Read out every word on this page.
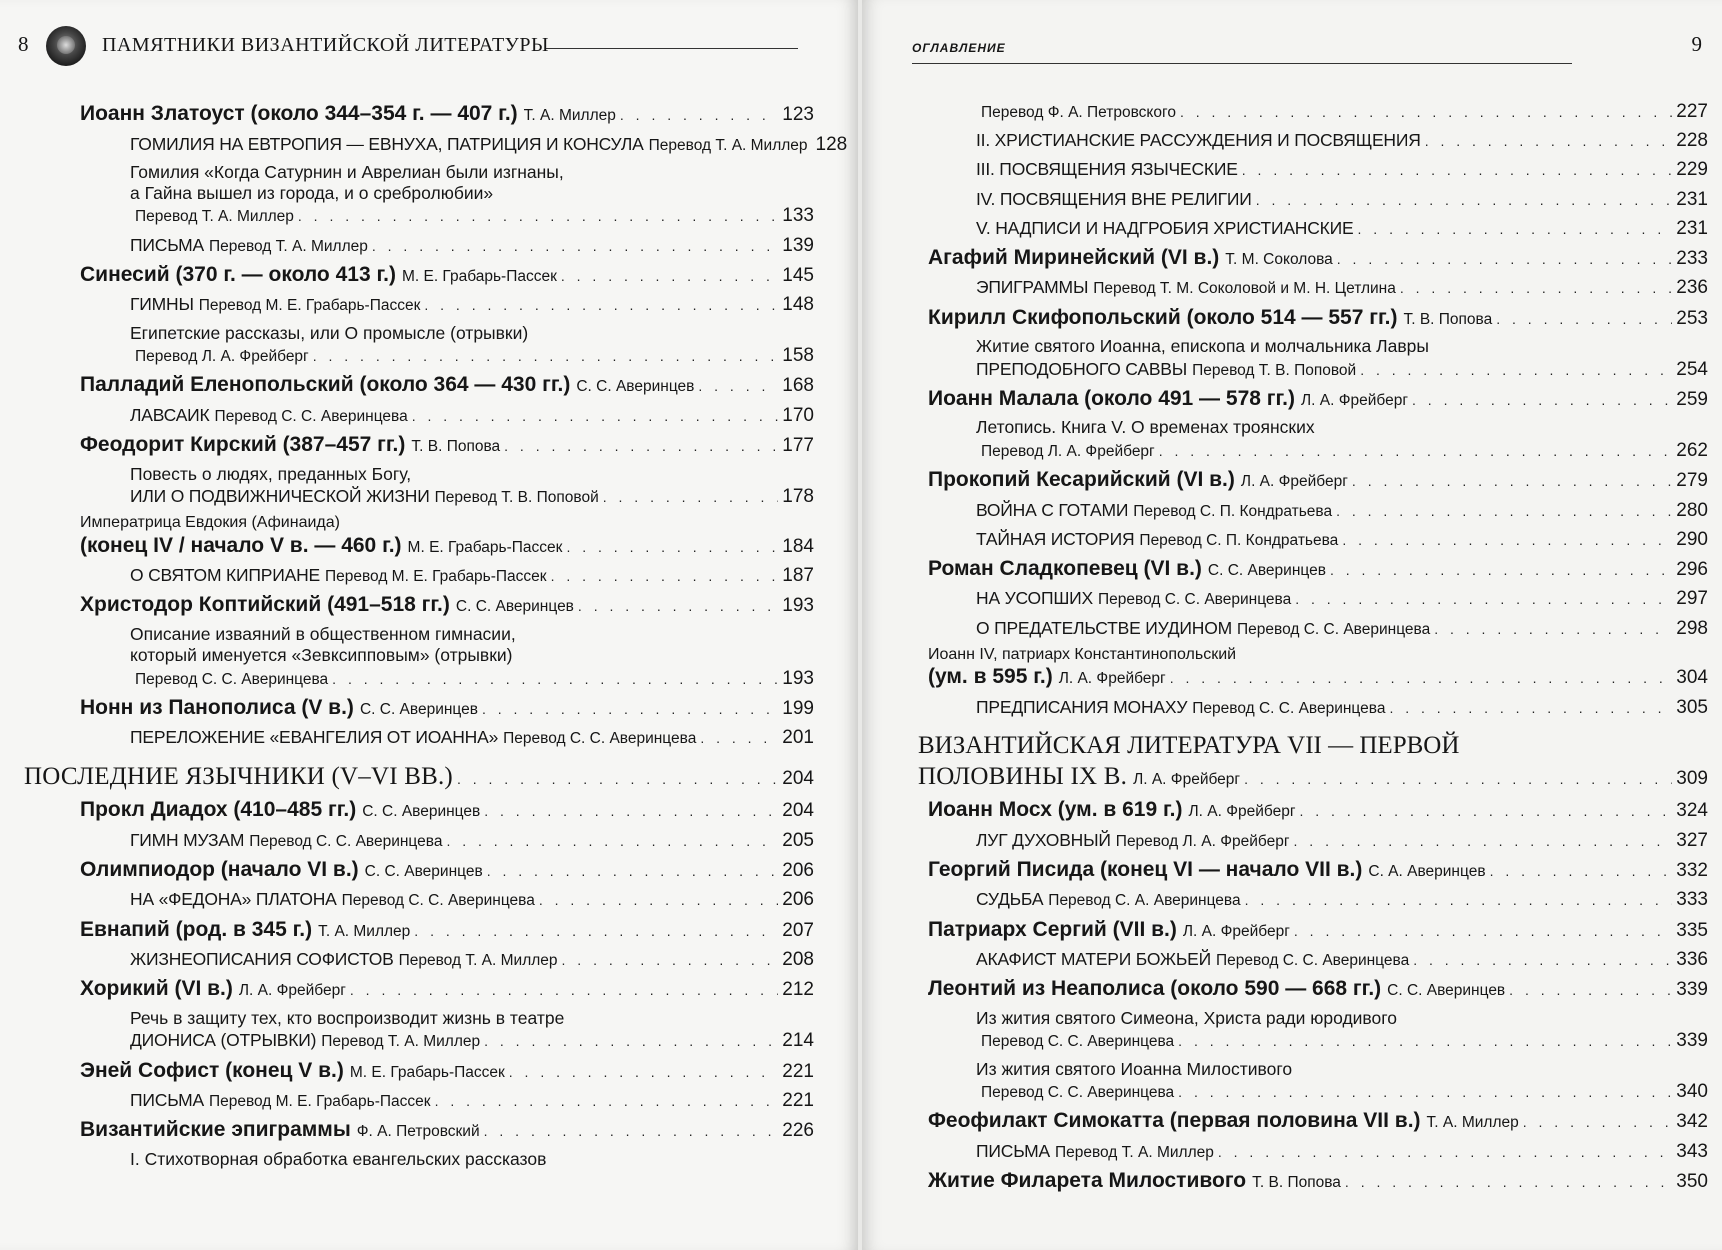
8	ПАМЯТНИКИ ВИЗАНТИЙСКОЙ ЛИТЕРАТУРЫ
Иоанн Златоуст (около 344–354 г. — 407 г.) Т. А. Миллер . . .	123
ГОМИЛИЯ НА ЕВТРОПИЯ — ЕВНУХА, ПАТРИЦИЯ И КОНСУЛА Перевод Т. А. Миллер 128
Гомилия «Когда Сатурнин и Аврелиан были изгнаны,
а Гайна вышел из города, и о сребролюбии»
Перевод Т. А. Миллер . . .	133
ПИСЬМА Перевод Т. А. Миллер . . .	139
Синесий (370 г. — около 413 г.) М. Е. Грабарь-Пассек . . .	145
ГИМНЫ Перевод М. Е. Грабарь-Пассек . . .	148
Египетские рассказы, или О промысле (отрывки)
Перевод Л. А. Фрейберг . . .	158
Палладий Еленопольский (около 364 — 430 гг.) С. С. Аверинцев . . .	168
ЛАВСАИК Перевод С. С. Аверинцева . . .	170
Феодорит Кирский (387–457 гг.) Т. В. Попова . . .	177
Повесть о людях, преданных Богу,
ИЛИ О ПОДВИЖНИЧЕСКОЙ ЖИЗНИ Перевод Т. В. Поповой . . .	178
Императрица Евдокия (Афинаида)
(конец IV / начало V в. — 460 г.) М. Е. Грабарь-Пассек . . .	184
О СВЯТОМ КИПРИАНЕ Перевод М. Е. Грабарь-Пассек . . .	187
Христодор Коптийский (491–518 гг.) С. С. Аверинцев . . .	193
Описание изваяний в общественном гимнасии,
который именуется «Зевксипповым» (отрывки)
Перевод С. С. Аверинцева . . .	193
Нонн из Панополиса (V в.) С. С. Аверинцев . . .	199
ПЕРЕЛОЖЕНИЕ «ЕВАНГЕЛИЯ ОТ ИОАННА» Перевод С. С. Аверинцева . . .	201
ПОСЛЕДНИЕ ЯЗЫЧНИКИ (V–VI ВВ.) . . .	204
Прокл Диадох (410–485 гг.) С. С. Аверинцев . . .	204
ГИМН МУЗАМ Перевод С. С. Аверинцева . . .	205
Олимпиодор (начало VI в.) С. С. Аверинцев . . .	206
НА «ФЕДОНА» ПЛАТОНА Перевод С. С. Аверинцева . . .	206
Евнапий (род. в 345 г.) Т. А. Миллер . . .	207
ЖИЗНЕОПИСАНИЯ СОФИСТОВ Перевод Т. А. Миллер . . .	208
Хорикий (VI в.) Л. А. Фрейберг . . .	212
Речь в защиту тех, кто воспроизводит жизнь в театре
ДИОНИСА (ОТРЫВКИ) Перевод Т. А. Миллер . . .	214
Эней Софист (конец V в.) М. Е. Грабарь-Пассек . . .	221
ПИСЬМА Перевод М. Е. Грабарь-Пассек . . .	221
Византийские эпиграммы Ф. А. Петровский . . .	226
I. Стихотворная обработка евангельских рассказов
ОГЛАВЛЕНИЕ	9
Перевод Ф. А. Петровского . . .	227
II. ХРИСТИАНСКИЕ РАССУЖДЕНИЯ И ПОСВЯЩЕНИЯ . . .	228
III. ПОСВЯЩЕНИЯ ЯЗЫЧЕСКИЕ . . .	229
IV. ПОСВЯЩЕНИЯ ВНЕ РЕЛИГИИ . . .	231
V. НАДПИСИ И НАДГРОБИЯ ХРИСТИАНСКИЕ . . .	231
Агафий Миринейский (VI в.) Т. М. Соколова . . .	233
ЭПИГРАММЫ Перевод Т. М. Соколовой и М. Н. Цетлина . . .	236
Кирилл Скифопольский (около 514 — 557 гг.) Т. В. Попова . . .	253
Житие святого Иоанна, епископа и молчальника Лавры
ПРЕПОДОБНОГО САВВЫ Перевод Т. В. Поповой . . .	254
Иоанн Малала (около 491 — 578 гг.) Л. А. Фрейберг . . .	259
Летопись. Книга V. О временах троянских
Перевод Л. А. Фрейберг . . .	262
Прокопий Кесарийский (VI в.) Л. А. Фрейберг . . .	279
ВОЙНА С ГОТАМИ Перевод С. П. Кондратьева . . .	280
ТАЙНАЯ ИСТОРИЯ Перевод С. П. Кондратьева . . .	290
Роман Сладкопевец (VI в.) С. С. Аверинцев . . .	296
НА УСОПШИХ Перевод С. С. Аверинцева . . .	297
О ПРЕДАТЕЛЬСТВЕ ИУДИНОМ Перевод С. С. Аверинцева . . .	298
Иоанн IV, патриарх Константинопольский
(ум. в 595 г.) Л. А. Фрейберг . . .	304
ПРЕДПИСАНИЯ МОНАХУ Перевод С. С. Аверинцева . . .	305
ВИЗАНТИЙСКАЯ ЛИТЕРАТУРА VII — ПЕРВОЙ
ПОЛОВИНЫ IX В. Л. А. Фрейберг . . .	309
Иоанн Мосх (ум. в 619 г.) Л. А. Фрейберг . . .	324
ЛУГ ДУХОВНЫЙ Перевод Л. А. Фрейберг . . .	327
Георгий Писида (конец VI — начало VII в.) С. А. Аверинцев . . .	332
СУДЬБА Перевод С. А. Аверинцева . . .	333
Патриарх Сергий (VII в.) Л. А. Фрейберг . . .	335
АКАФИСТ МАТЕРИ БОЖЬЕЙ Перевод С. С. Аверинцева . . .	336
Леонтий из Неаполиса (около 590 — 668 гг.) С. С. Аверинцев . . .	339
Из жития святого Симеона, Христа ради юродивого
Перевод С. С. Аверинцева . . .	339
Из жития святого Иоанна Милостивого
Перевод С. С. Аверинцева . . .	340
Феофилакт Симокатта (первая половина VII в.) Т. А. Миллер . . .	342
ПИСЬМА Перевод Т. А. Миллер . . .	343
Житие Филарета Милостивого Т. В. Попова . . .	350
